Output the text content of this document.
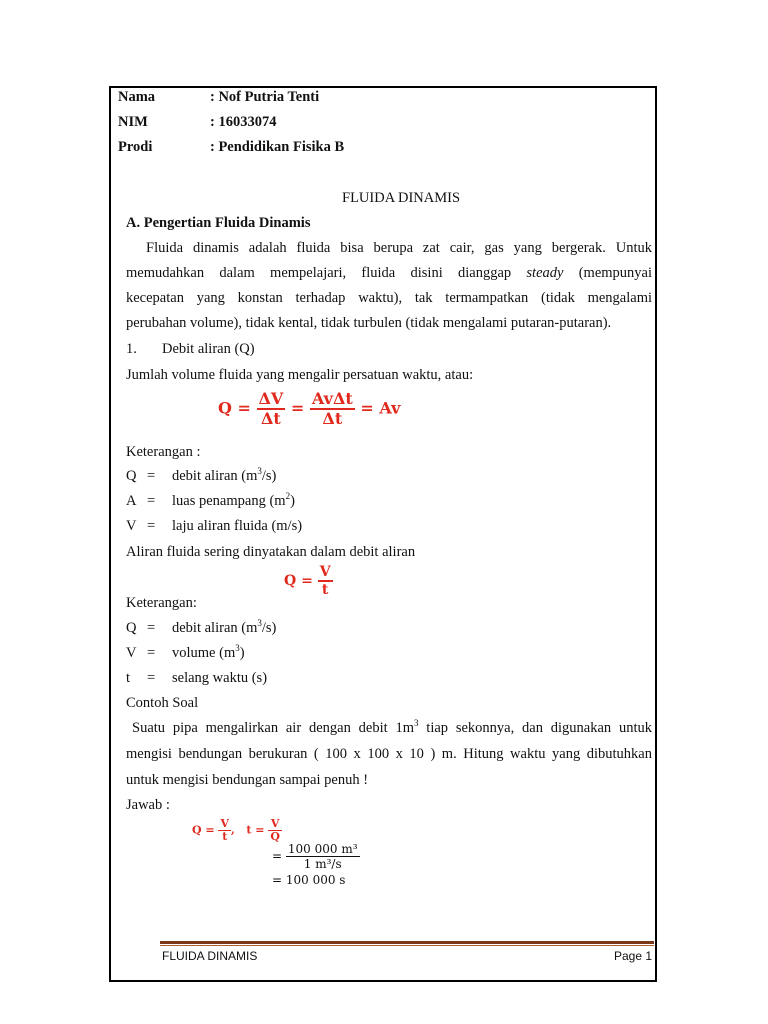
Nama	: Nof Putria Tenti
NIM	: 16033074
Prodi	: Pendidikan Fisika B
FLUIDA DINAMIS
A. Pengertian Fluida Dinamis
Fluida dinamis adalah fluida bisa berupa zat cair, gas yang bergerak. Untuk
memudahkan dalam mempelajari, fluida disini dianggap steady (mempunyai
kecepatan yang konstan terhadap waktu), tak termampatkan (tidak mengalami
perubahan volume), tidak kental, tidak turbulen (tidak mengalami putaran-putaran).
1. Debit aliran (Q)
Jumlah volume fluida yang mengalir persatuan waktu, atau:
$Q = \frac{\Delta V}{\Delta t} = \frac{\text{AvΔt}}{\Delta t} = Av$
Keterangan :
Q = debit aliran $(m^3/s)$
A = luas penampang $(m^2)$
V = laju aliran fluida (m/s)
Aliran fluida sering dinyatakan dalam debit aliran
$Q = \frac{V}{t}$
Keterangan:
Q = debit aliran $(m^3/s)$
V = volume $(m^3)$
t = selang waktu (s)
Contoh Soal
Suatu pipa mengalirkan air dengan debit $1m^3$ tiap sekonnya, dan digunakan untuk
mengisi bendungan berukuran ( 100 x 100 x 10 ) m. Hitung waktu yang dibutuhkan
untuk mengisi bendungan sampai penuh !
Jawab :
$Q = \frac{V}{t}$ , $t = \frac{V}{Q}$
= $\frac{\text{100 000 m³}}{\text{1 m³/s}}$
= 100 000 s
FLUIDA DINAMIS	Page 1
